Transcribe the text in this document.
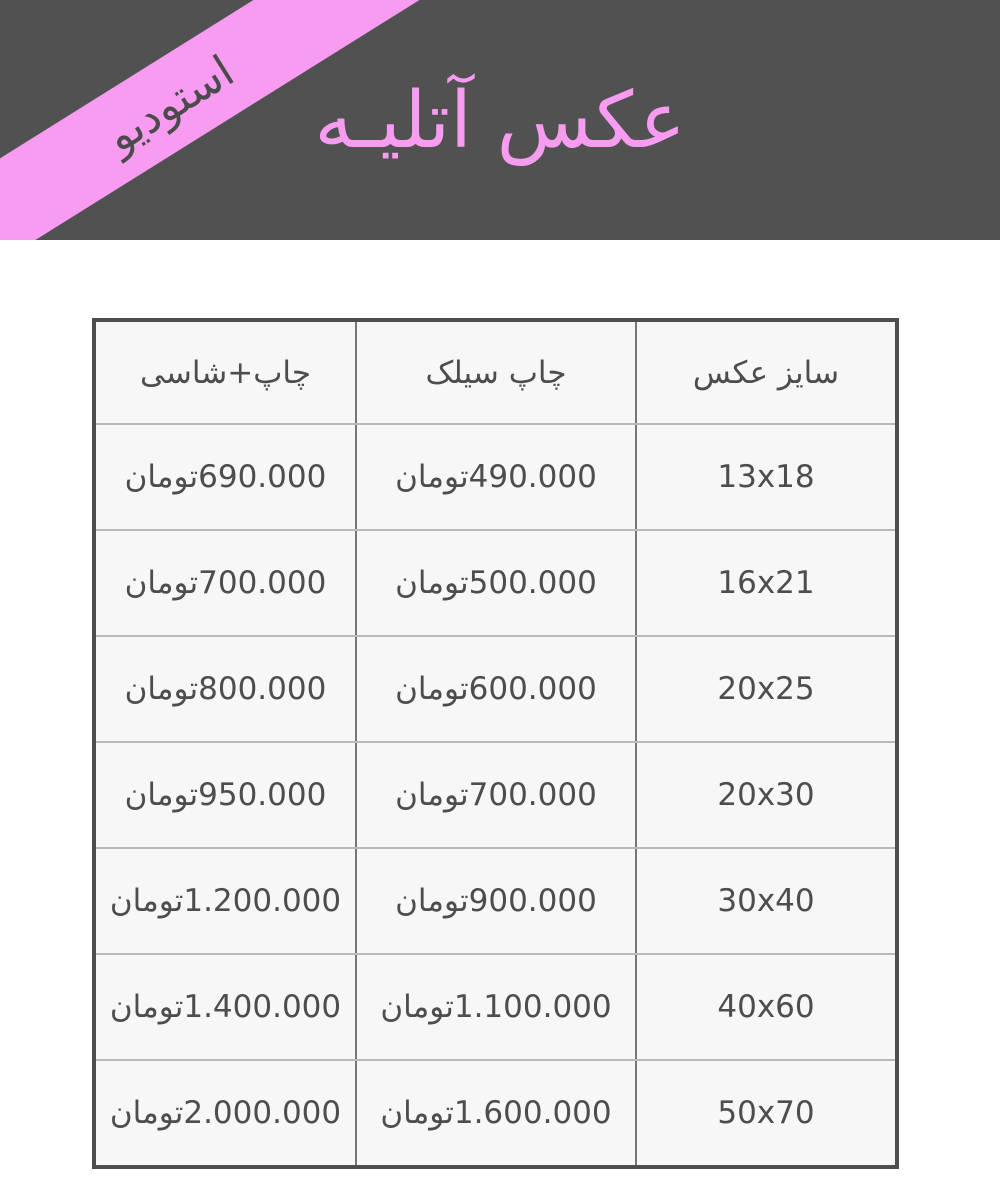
استودیو عکس آتلیـه
سایز عکس	چاپ سیلک	چاپ+شاسی
13x18	490.000تومان	690.000تومان
16x21	500.000تومان	700.000تومان
20x25	600.000تومان	800.000تومان
20x30	700.000تومان	950.000تومان
30x40	900.000تومان	1.200.000تومان
40x60	1.100.000تومان	1.400.000تومان
50x70	1.600.000تومان	2.000.000تومان
